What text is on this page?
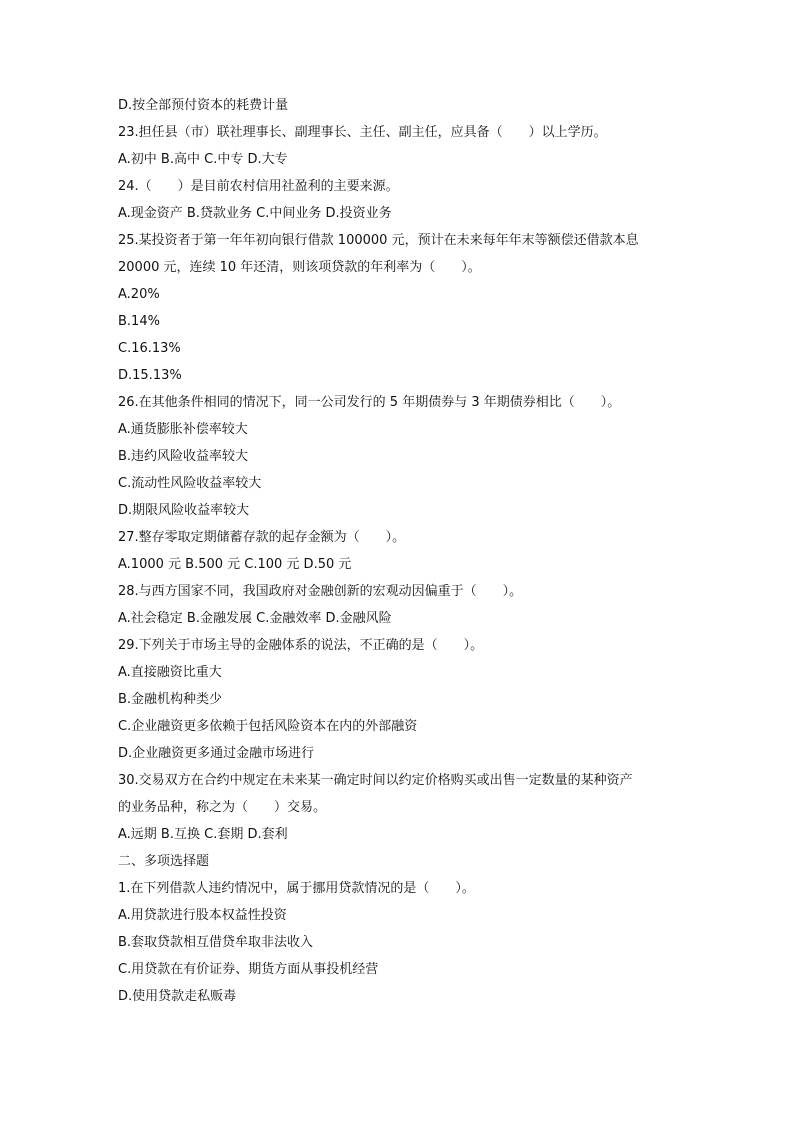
D.按全部预付资本的耗费计量
23.担任县（市）联社理事长、副理事长、主任、副主任，应具备（　　）以上学历。
A.初中 B.高中 C.中专 D.大专
24.（　　）是目前农村信用社盈利的主要来源。
A.现金资产 B.贷款业务 C.中间业务 D.投资业务
25.某投资者于第一年年初向银行借款 100000 元，预计在未来每年年末等额偿还借款本息
20000 元，连续 10 年还清，则该项贷款的年利率为（　　）。
A.20%
B.14%
C.16.13%
D.15.13%
26.在其他条件相同的情况下，同一公司发行的 5 年期债券与 3 年期债券相比（　　）。
A.通货膨胀补偿率较大
B.违约风险收益率较大
C.流动性风险收益率较大
D.期限风险收益率较大
27.整存零取定期储蓄存款的起存金额为（　　）。
A.1000 元 B.500 元 C.100 元 D.50 元
28.与西方国家不同，我国政府对金融创新的宏观动因偏重于（　　）。
A.社会稳定 B.金融发展 C.金融效率 D.金融风险
29.下列关于市场主导的金融体系的说法，不正确的是（　　）。
A.直接融资比重大
B.金融机构种类少
C.企业融资更多依赖于包括风险资本在内的外部融资
D.企业融资更多通过金融市场进行
30.交易双方在合约中规定在未来某一确定时间以约定价格购买或出售一定数量的某种资产
的业务品种，称之为（　　）交易。
A.远期 B.互换 C.套期 D.套利
二、多项选择题
1.在下列借款人违约情况中，属于挪用贷款情况的是（　　）。
A.用贷款进行股本权益性投资
B.套取贷款相互借贷牟取非法收入
C.用贷款在有价证券、期货方面从事投机经营
D.使用贷款走私贩毒
